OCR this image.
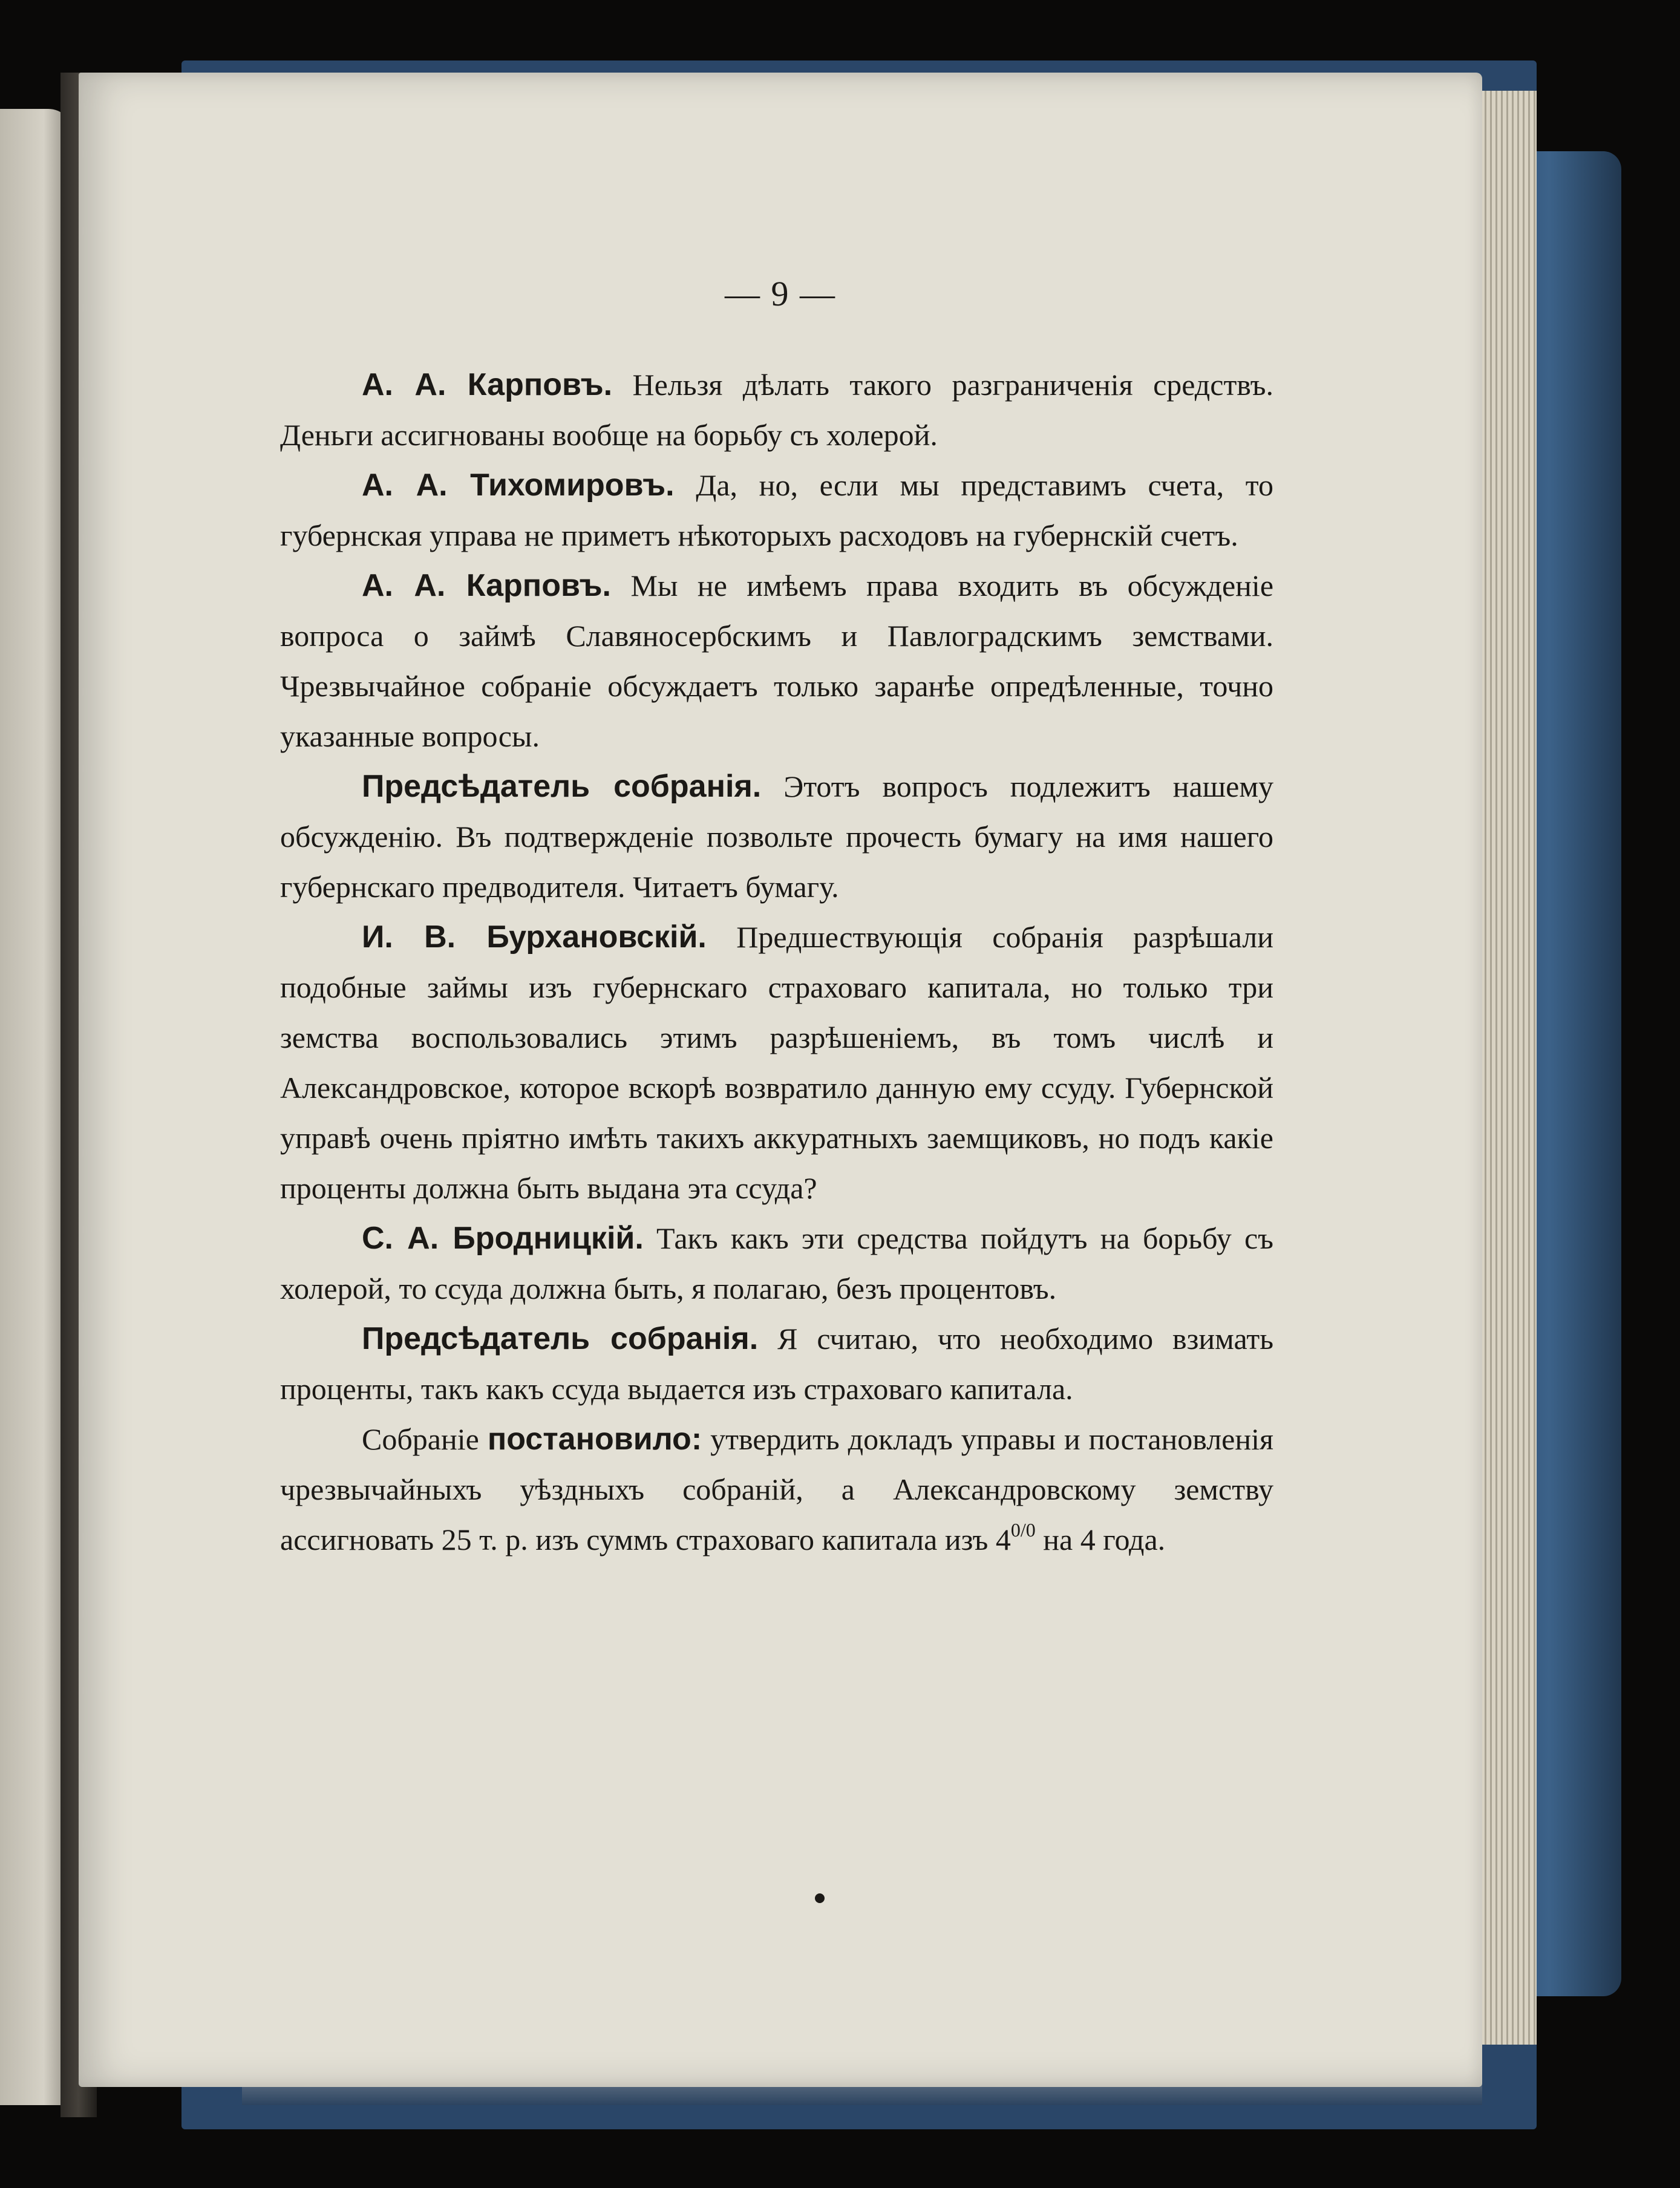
— 9 —

А. А. Карповъ. Нельзя дѣлать такого разграниченія средствъ. Деньги ассигнованы вообще на борьбу съ холерой.

А. А. Тихомировъ. Да, но, если мы представимъ счета, то губернская управа не приметъ нѣкоторыхъ расходовъ на губернскій счетъ.

А. А. Карповъ. Мы не имѣемъ права входить въ обсужденіе вопроса о займѣ Славяносербскимъ и Павлоградскимъ земствами. Чрезвычайное собраніе обсуждаетъ только заранѣе опредѣленные, точно указанные вопросы.

Предсѣдатель собранія. Этотъ вопросъ подлежитъ нашему обсужденію. Въ подтвержденіе позвольте прочесть бумагу на имя нашего губернскаго предводителя. Читаетъ бумагу.

И. В. Бурхановскій. Предшествующія собранія разрѣшали подобные займы изъ губернскаго страховаго капитала, но только три земства воспользовались этимъ разрѣшеніемъ, въ томъ числѣ и Александровское, которое вскорѣ возвратило данную ему ссуду. Губернской управѣ очень пріятно имѣть такихъ аккуратныхъ заемщиковъ, но подъ какіе проценты должна быть выдана эта ссуда?

С. А. Бродницкій. Такъ какъ эти средства пойдутъ на борьбу съ холерой, то ссуда должна быть, я полагаю, безъ процентовъ.

Предсѣдатель собранія. Я считаю, что необходимо взимать проценты, такъ какъ ссуда выдается изъ страховаго капитала.

Собраніе постановило: утвердить докладъ управы и постановленія чрезвычайныхъ уѣздныхъ собраній, а Александровскому земству ассигновать 25 т. р. изъ суммъ страховаго капитала изъ $4^{0/0}$ на 4 года.
